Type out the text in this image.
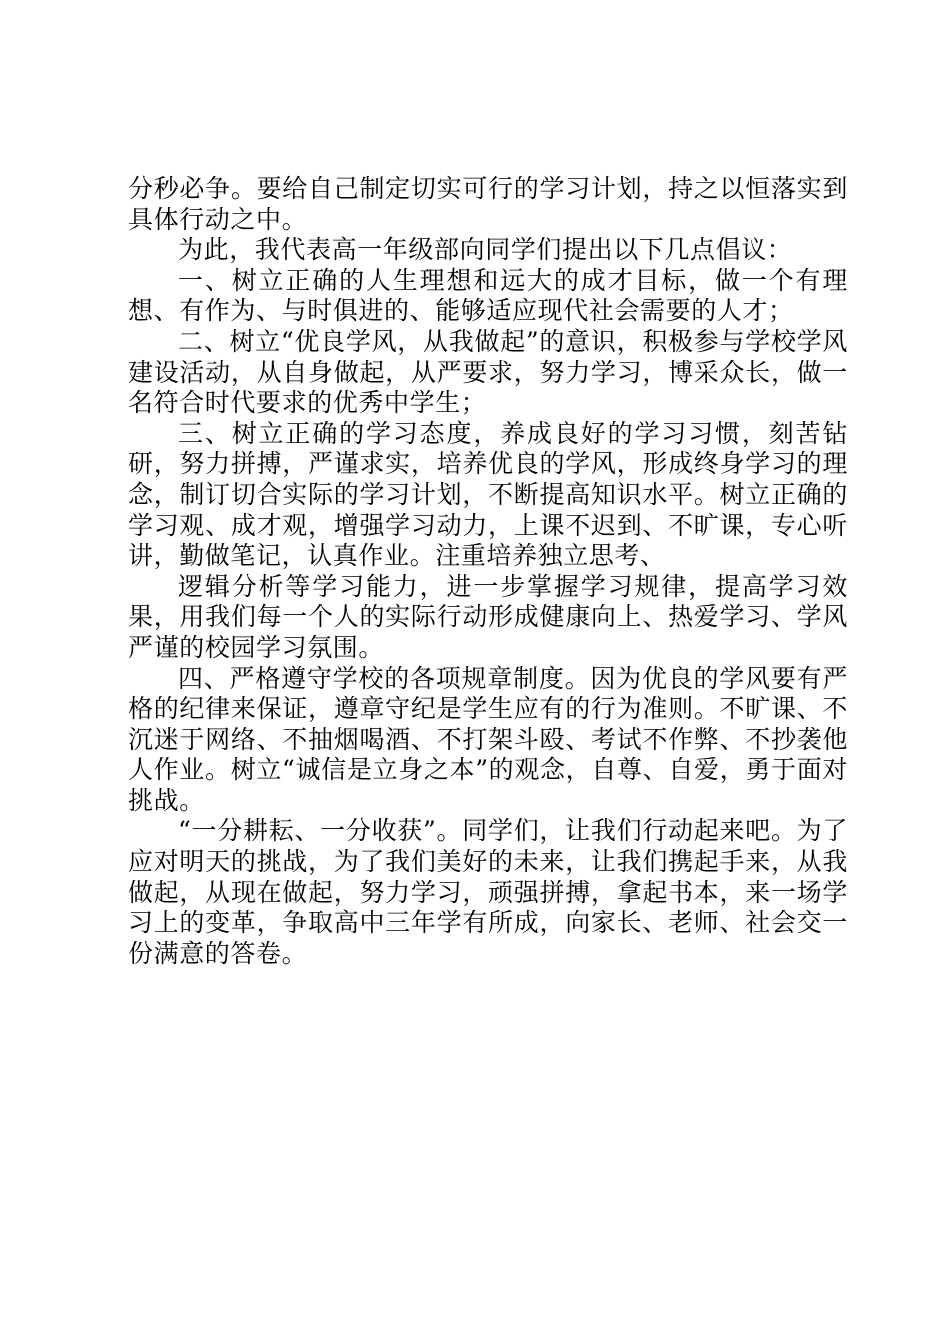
分秒必争。要给自己制定切实可行的学习计划，持之以恒落实到具体行动之中。

为此，我代表高一年级部向同学们提出以下几点倡议：

一、树立正确的人生理想和远大的成才目标，做一个有理想、有作为、与时俱进的、能够适应现代社会需要的人才；

二、树立“优良学风，从我做起”的意识，积极参与学校学风建设活动，从自身做起，从严要求，努力学习，博采众长，做一名符合时代要求的优秀中学生；

三、树立正确的学习态度，养成良好的学习习惯，刻苦钻研，努力拼搏，严谨求实，培养优良的学风，形成终身学习的理念，制订切合实际的学习计划，不断提高知识水平。树立正确的学习观、成才观，增强学习动力，上课不迟到、不旷课，专心听讲，勤做笔记，认真作业。注重培养独立思考、

逻辑分析等学习能力，进一步掌握学习规律，提高学习效果，用我们每一个人的实际行动形成健康向上、热爱学习、学风严谨的校园学习氛围。

四、严格遵守学校的各项规章制度。因为优良的学风要有严格的纪律来保证，遵章守纪是学生应有的行为准则。不旷课、不沉迷于网络、不抽烟喝酒、不打架斗殴、考试不作弊、不抄袭他人作业。树立“诚信是立身之本”的观念，自尊、自爱，勇于面对挑战。

“一分耕耘、一分收获”。同学们，让我们行动起来吧。为了应对明天的挑战，为了我们美好的未来，让我们携起手来，从我做起，从现在做起，努力学习，顽强拼搏，拿起书本，来一场学习上的变革，争取高中三年学有所成，向家长、老师、社会交一份满意的答卷。
